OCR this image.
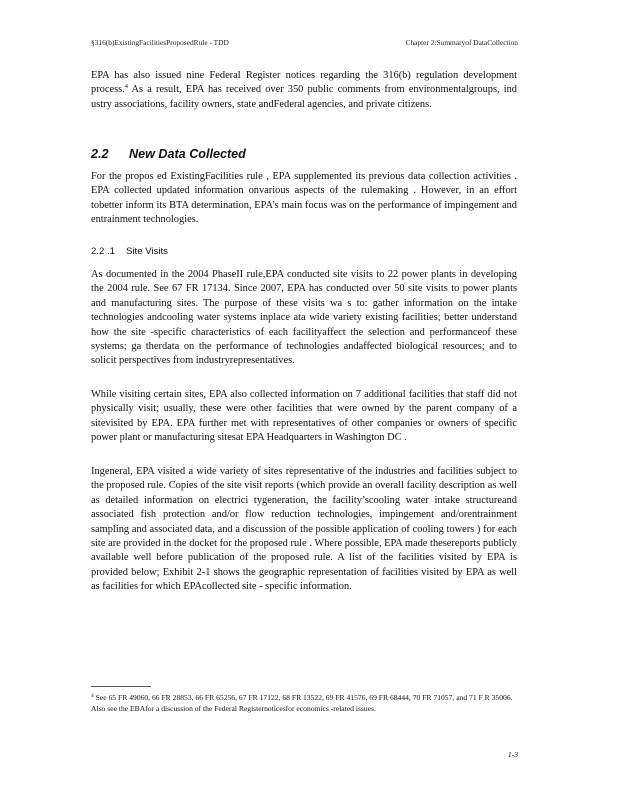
§316(b)ExistingFacilitiesProposedRule - TDD	Chapter 2:Summaryof DataCollection

EPA has also issued nine Federal Register notices regarding the 316(b) regulation development process.$^4$ As a result, EPA has received over 350 public comments from environmentalgroups, ind ustry associations, facility owners, state andFederal agencies, and private citizens.

2.2 New Data Collected

For the propos ed ExistingFacilities rule , EPA supplemented its previous data collection activities . EPA collected updated information onvarious aspects of the rulemaking . However, in an effort tobetter inform its BTA determination, EPA’s main focus was on the performance of impingement and entrainment technologies.

2.2 .1 Site Visits

As documented in the 2004 PhaseII rule,EPA conducted site visits to 22 power plants in developing the 2004 rule. See 67 FR 17134. Since 2007, EPA has conducted over 50 site visits to power plants and manufacturing sites. The purpose of these visits wa s to: gather information on the intake technologies andcooling water systems inplace ata wide variety existing facilities; better understand how the site -specific characteristics of each facilityaffect the selection and performanceof these systems; ga therdata on the performance of technologies andaffected biological resources; and to solicit perspectives from industryrepresentatives.

While visiting certain sites, EPA also collected information on 7 additional facilities that staff did not physically visit; usually, these were other facilities that were owned by the parent company of a sitevisited by EPA. EPA further met with representatives of other companies or owners of specific power plant or manufacturing sitesat EPA Headquarters in Washington DC .

Ingeneral, EPA visited a wide variety of sites representative of the industries and facilities subject to the proposed rule. Copies of the site visit reports (which provide an overall facility description as well as detailed information on electrici tygeneration, the facility’scooling water intake structureand associated fish protection and/or flow reduction technologies, impingement and/orentrainment sampling and associated data, and a discussion of the possible application of cooling towers ) for each site are provided in the docket for the proposed rule . Where possible, EPA made thesereports publicly available well before publication of the proposed rule. A list of the facilities visited by EPA is provided below; Exhibit 2-1 shows the geographic representation of facilities visited by EPA as well as facilities for which EPAcollected site - specific information.

$^4$ See 65 FR 49060, 66 FR 28853, 66 FR 65256, 67 FR 17122, 68 FR 13522, 69 FR 41576, 69 FR 68444, 70 FR 71057, and 71 F R 35006. Also see the EBAfor a discussion of the Federal Registernoticesfor economics -related issues.
1-3
